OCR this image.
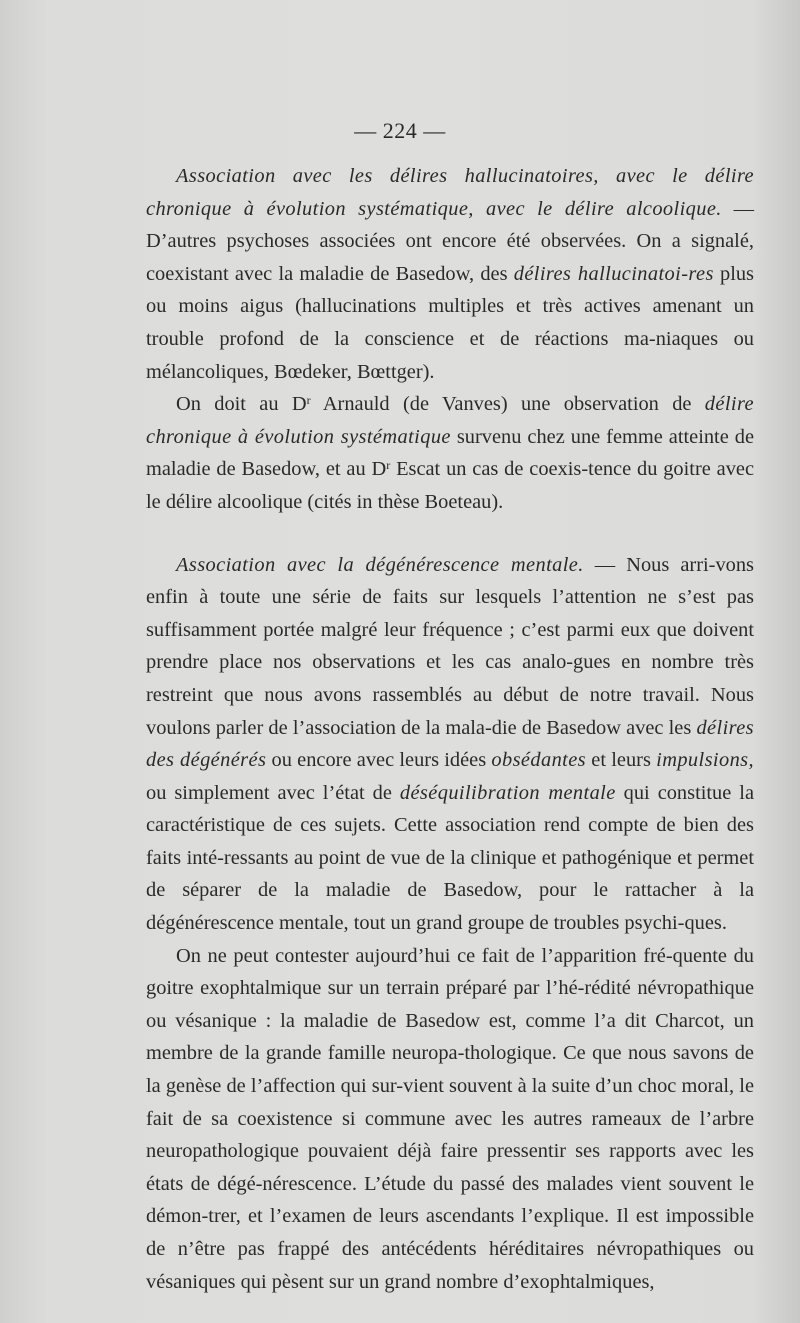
— 224 —

Association avec les délires hallucinatoires, avec le délire chronique à évolution systématique, avec le délire alcoolique. — D’autres psychoses associées ont encore été observées. On a signalé, coexistant avec la maladie de Basedow, des délires hallucinatoi-res plus ou moins aigus (hallucinations multiples et très actives amenant un trouble profond de la conscience et de réactions ma-niaques ou mélancoliques, Bœdeker, Bœttger).

On doit au $D^r$ Arnauld (de Vanves) une observation de délire chronique à évolution systématique survenu chez une femme atteinte de maladie de Basedow, et au $D^r$ Escat un cas de coexis-tence du goitre avec le délire alcoolique (cités in thèse Boeteau).

Association avec la dégénérescence mentale. — Nous arri-vons enfin à toute une série de faits sur lesquels l’attention ne s’est pas suffisamment portée malgré leur fréquence ; c’est parmi eux que doivent prendre place nos observations et les cas analo-gues en nombre très restreint que nous avons rassemblés au début de notre travail. Nous voulons parler de l’association de la mala-die de Basedow avec les délires des dégénérés ou encore avec leurs idées obsédantes et leurs impulsions, ou simplement avec l’état de déséquilibration mentale qui constitue la caractéristique de ces sujets. Cette association rend compte de bien des faits inté-ressants au point de vue de la clinique et pathogénique et permet de séparer de la maladie de Basedow, pour le rattacher à la dégénérescence mentale, tout un grand groupe de troubles psychi-ques.

On ne peut contester aujourd’hui ce fait de l’apparition fré-quente du goitre exophtalmique sur un terrain préparé par l’hé-rédité névropathique ou vésanique : la maladie de Basedow est, comme l’a dit Charcot, un membre de la grande famille neuropa-thologique. Ce que nous savons de la genèse de l’affection qui sur-vient souvent à la suite d’un choc moral, le fait de sa coexistence si commune avec les autres rameaux de l’arbre neuropathologique pouvaient déjà faire pressentir ses rapports avec les états de dégé-nérescence. L’étude du passé des malades vient souvent le démon-trer, et l’examen de leurs ascendants l’explique. Il est impossible de n’être pas frappé des antécédents héréditaires névropathiques ou vésaniques qui pèsent sur un grand nombre d’exophtalmiques,
